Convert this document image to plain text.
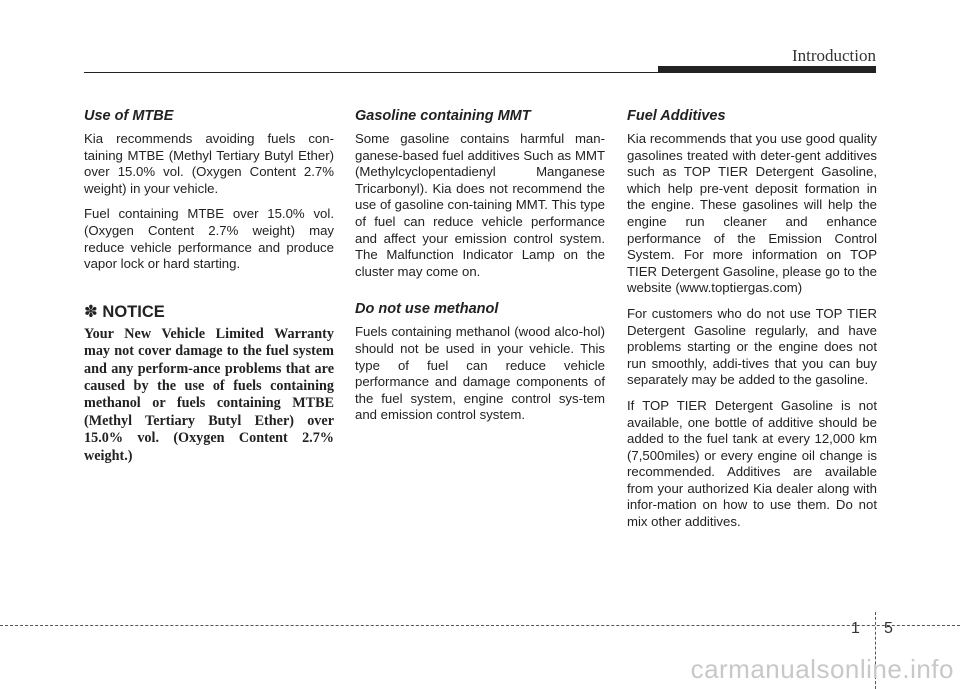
Introduction
Use of MTBE

Kia recommends avoiding fuels con-taining MTBE (Methyl Tertiary Butyl Ether) over 15.0% vol. (Oxygen Content 2.7% weight) in your vehicle.

Fuel containing MTBE over 15.0% vol. (Oxygen Content 2.7% weight) may reduce vehicle performance and produce vapor lock or hard starting.

✽ NOTICE

Your New Vehicle Limited Warranty may not cover damage to the fuel system and any perform-ance problems that are caused by the use of fuels containing methanol or fuels containing MTBE (Methyl Tertiary Butyl Ether) over 15.0% vol. (Oxygen Content 2.7% weight.)

Gasoline containing MMT

Some gasoline contains harmful man-ganese-based fuel additives Such as MMT (Methylcyclopentadienyl Manganese Tricarbonyl). Kia does not recommend the use of gasoline con-taining MMT. This type of fuel can reduce vehicle performance and affect your emission control system. The Malfunction Indicator Lamp on the cluster may come on.

Do not use methanol

Fuels containing methanol (wood alco-hol) should not be used in your vehicle. This type of fuel can reduce vehicle performance and damage components of the fuel system, engine control sys-tem and emission control system.

Fuel Additives

Kia recommends that you use good quality gasolines treated with deter-gent additives such as TOP TIER Detergent Gasoline, which help pre-vent deposit formation in the engine. These gasolines will help the engine run cleaner and enhance performance of the Emission Control System. For more information on TOP TIER Detergent Gasoline, please go to the website (www.toptiergas.com)

For customers who do not use TOP TIER Detergent Gasoline regularly, and have problems starting or the engine does not run smoothly, addi-tives that you can buy separately may be added to the gasoline.

If TOP TIER Detergent Gasoline is not available, one bottle of additive should be added to the fuel tank at every 12,000 km (7,500miles) or every engine oil change is recommended. Additives are available from your authorized Kia dealer along with infor-mation on how to use them. Do not mix other additives.

1 5
carmanualsonline.info
